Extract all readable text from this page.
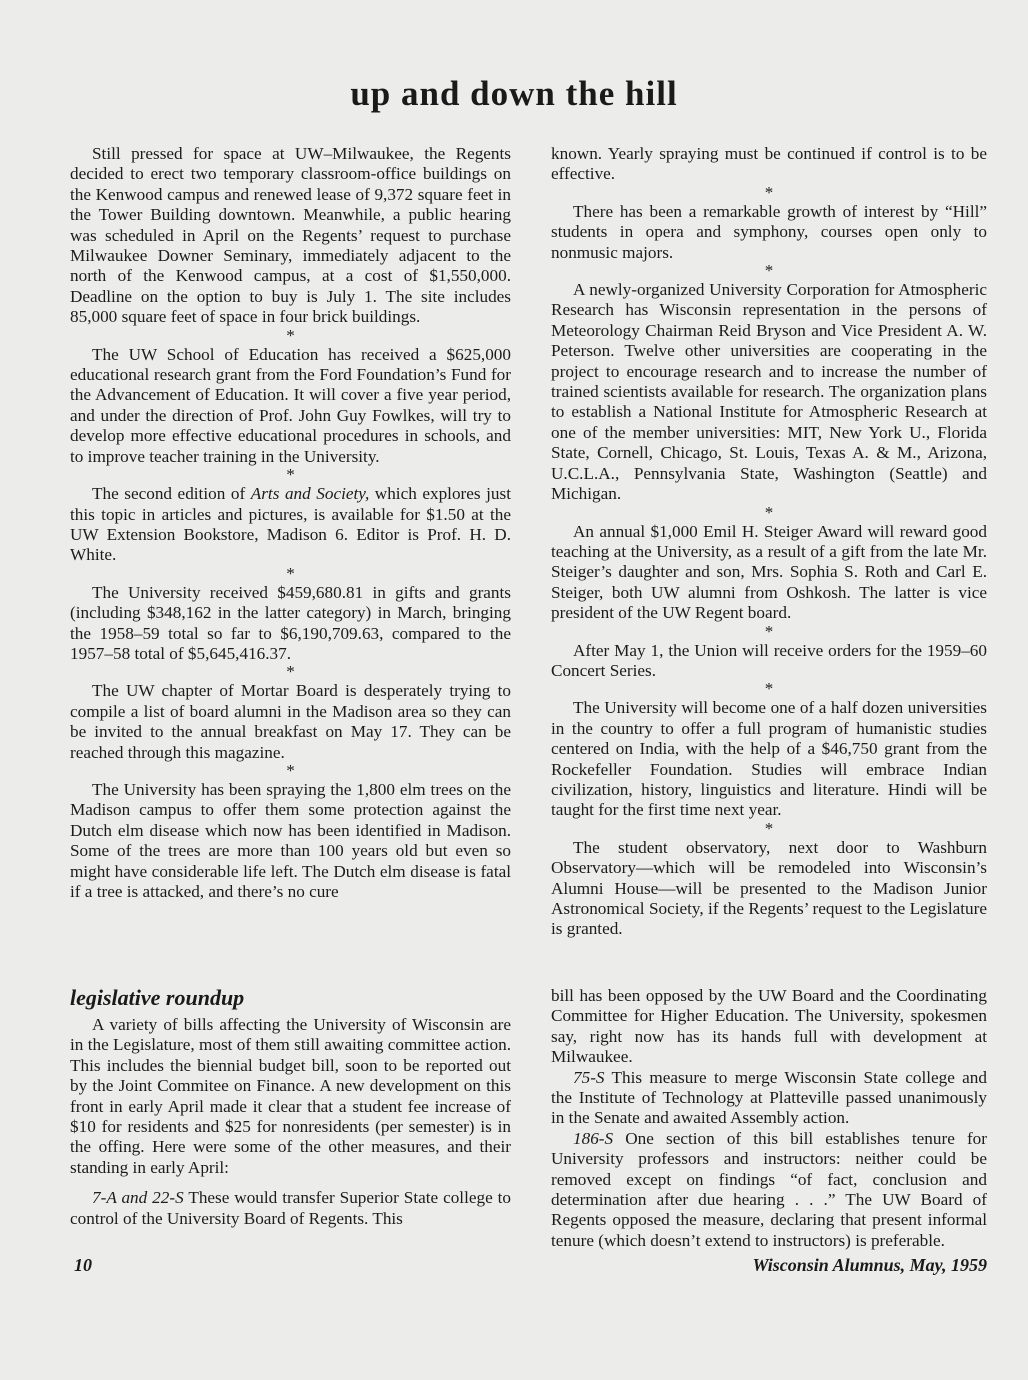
up and down the hill

Still pressed for space at UW–Milwaukee, the Regents decided to erect two temporary classroom-office buildings on the Kenwood campus and renewed lease of 9,372 square feet in the Tower Building downtown. Meanwhile, a public hearing was scheduled in April on the Regents’ request to purchase Milwaukee Downer Seminary, immediately adjacent to the north of the Kenwood campus, at a cost of $1,550,000. Deadline on the option to buy is July 1. The site includes 85,000 square feet of space in four brick buildings.

*

The UW School of Education has received a $625,000 educational research grant from the Ford Foundation’s Fund for the Advancement of Education. It will cover a five year period, and under the direction of Prof. John Guy Fowlkes, will try to develop more effective educational procedures in schools, and to improve teacher training in the University.

*

The second edition of Arts and Society, which explores just this topic in articles and pictures, is available for $1.50 at the UW Extension Bookstore, Madison 6. Editor is Prof. H. D. White.

*

The University received $459,680.81 in gifts and grants (including $348,162 in the latter category) in March, bringing the 1958–59 total so far to $6,190,709.63, compared to the 1957–58 total of $5,645,416.37.

*

The UW chapter of Mortar Board is desperately trying to compile a list of board alumni in the Madison area so they can be invited to the annual breakfast on May 17. They can be reached through this magazine.

*

The University has been spraying the 1,800 elm trees on the Madison campus to offer them some protection against the Dutch elm disease which now has been identified in Madison. Some of the trees are more than 100 years old but even so might have considerable life left. The Dutch elm disease is fatal if a tree is attacked, and there’s no cure

known. Yearly spraying must be continued if control is to be effective.

*

There has been a remarkable growth of interest by “Hill” students in opera and symphony, courses open only to nonmusic majors.

*

A newly-organized University Corporation for Atmospheric Research has Wisconsin representation in the persons of Meteorology Chairman Reid Bryson and Vice President A. W. Peterson. Twelve other universities are cooperating in the project to encourage research and to increase the number of trained scientists available for research. The organization plans to establish a National Institute for Atmospheric Research at one of the member universities: MIT, New York U., Florida State, Cornell, Chicago, St. Louis, Texas A. & M., Arizona, U.C.L.A., Pennsylvania State, Washington (Seattle) and Michigan.

*

An annual $1,000 Emil H. Steiger Award will reward good teaching at the University, as a result of a gift from the late Mr. Steiger’s daughter and son, Mrs. Sophia S. Roth and Carl E. Steiger, both UW alumni from Oshkosh. The latter is vice president of the UW Regent board.

*

After May 1, the Union will receive orders for the 1959–60 Concert Series.

*

The University will become one of a half dozen universities in the country to offer a full program of humanistic studies centered on India, with the help of a $46,750 grant from the Rockefeller Foundation. Studies will embrace Indian civilization, history, linguistics and literature. Hindi will be taught for the first time next year.

*

The student observatory, next door to Washburn Observatory—which will be remodeled into Wisconsin’s Alumni House—will be presented to the Madison Junior Astronomical Society, if the Regents’ request to the Legislature is granted.

legislative roundup

A variety of bills affecting the University of Wisconsin are in the Legislature, most of them still awaiting committee action. This includes the biennial budget bill, soon to be reported out by the Joint Commitee on Finance. A new development on this front in early April made it clear that a student fee increase of $10 for residents and $25 for nonresidents (per semester) is in the offing. Here were some of the other measures, and their standing in early April:

7-A and 22-S These would transfer Superior State college to control of the University Board of Regents. This

bill has been opposed by the UW Board and the Coordinating Committee for Higher Education. The University, spokesmen say, right now has its hands full with development at Milwaukee.

75-S This measure to merge Wisconsin State college and the Institute of Technology at Platteville passed unanimously in the Senate and awaited Assembly action.

186-S One section of this bill establishes tenure for University professors and instructors: neither could be removed except on findings “of fact, conclusion and determination after due hearing . . .” The UW Board of Regents opposed the measure, declaring that present informal tenure (which doesn’t extend to instructors) is preferable.

10	Wisconsin Alumnus, May, 1959
